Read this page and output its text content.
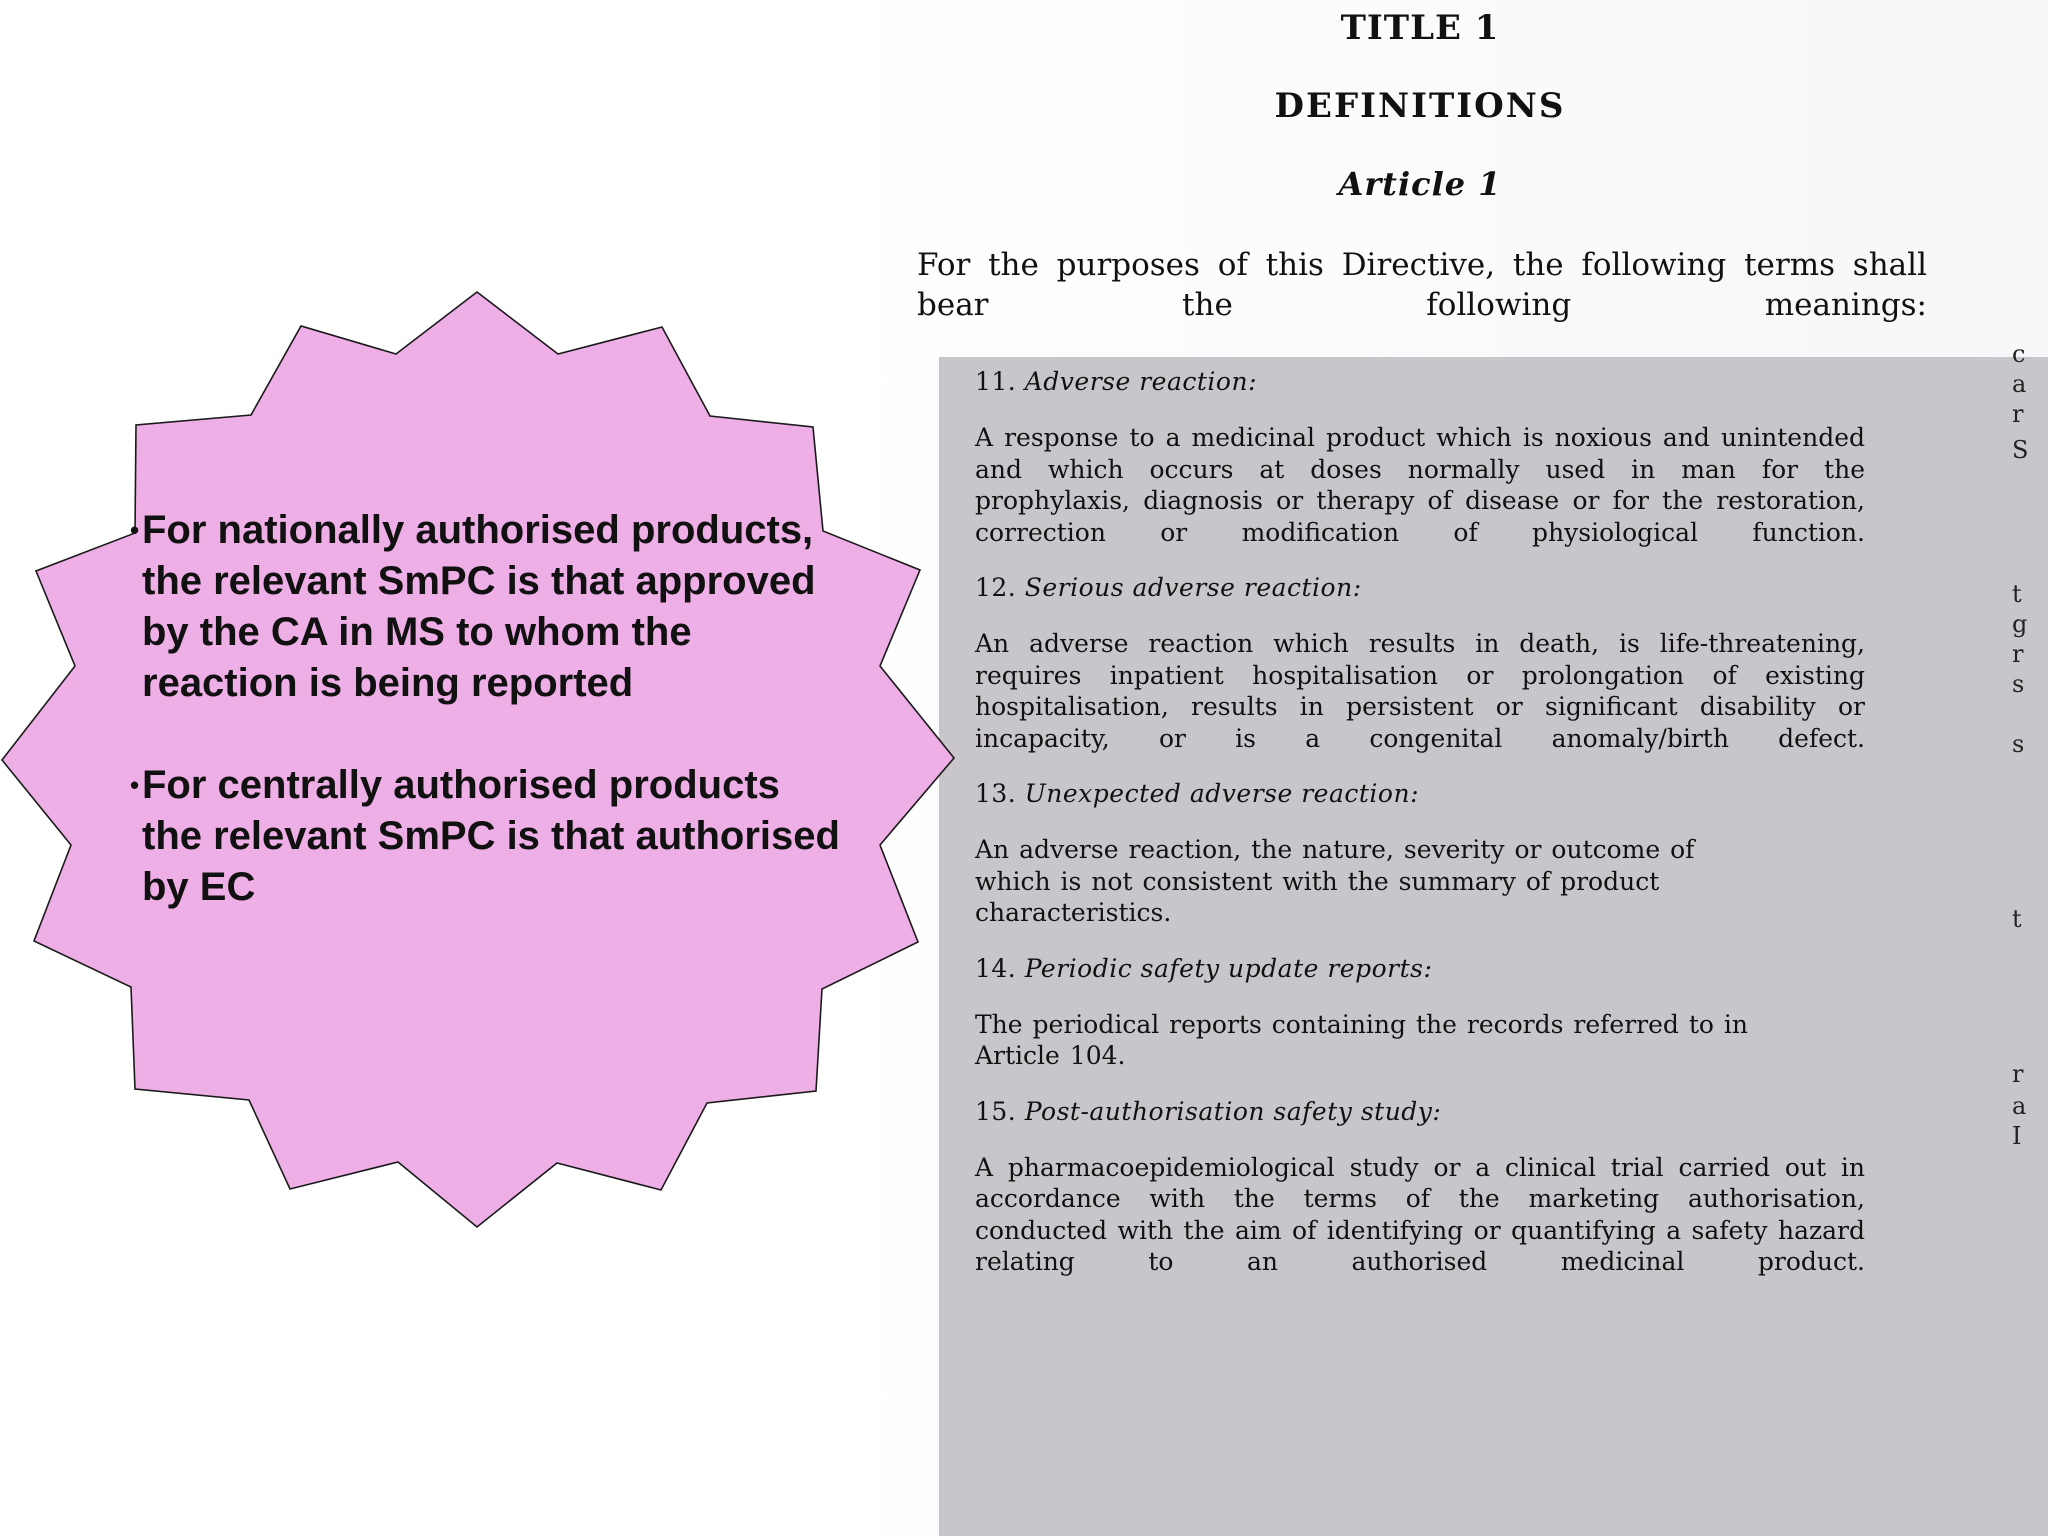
TITLE 1
DEFINITIONS
Article 1

For the purposes of this Directive, the following terms shall bear the following meanings:

11. Adverse reaction:

A response to a medicinal product which is noxious and unintended and which occurs at doses normally used in man for the prophylaxis, diagnosis or therapy of disease or for the restoration, correction or modification of physiological function.

12. Serious adverse reaction:

An adverse reaction which results in death, is life-threatening, requires inpatient hospitalisation or prolongation of existing hospitalisation, results in persistent or significant disability or incapacity, or is a congenital anomaly/birth defect.

13. Unexpected adverse reaction:

An adverse reaction, the nature, severity or outcome of which is not consistent with the summary of product characteristics.

14. Periodic safety update reports:

The periodical reports containing the records referred to in Article 104.

15. Post-authorisation safety study:

A pharmacoepidemiological study or a clinical trial carried out in accordance with the terms of the marketing authorisation, conducted with the aim of identifying or quantifying a safety hazard relating to an authorised medicinal product.

c
a
r
S
t
g
r
s
s
t
r
a
I

• For nationally authorised products, the relevant SmPC is that approved by the CA in MS to whom the reaction is being reported

• For centrally authorised products the relevant SmPC is that authorised by EC
